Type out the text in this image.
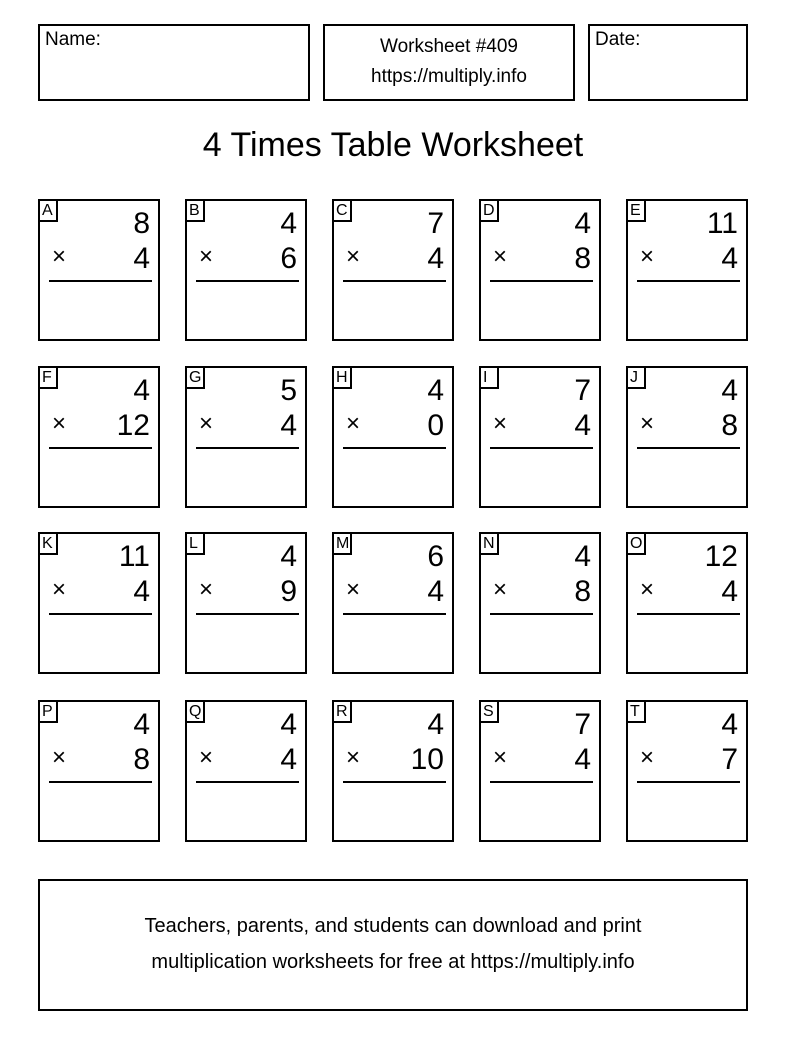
Name:	Worksheet #409
https://multiply.info
Date:
4 Times Table Worksheet
A	8
× 4
B	4
× 6
C	7
× 4
D	4
× 8
E 11
× 4
F	4
× 12
G	5
× 4
H	4
× 0
I	7
× 4
J	4
× 8
K 11
× 4
L	4
× 9
M	6
× 4
N	4
× 8
O 12
× 4
P	4
× 8
Q	4
× 4
R	4
× 10
S	7
× 4
T	4
× 7
Teachers, parents, and students can download and print
multiplication worksheets for free at https://multiply.info
